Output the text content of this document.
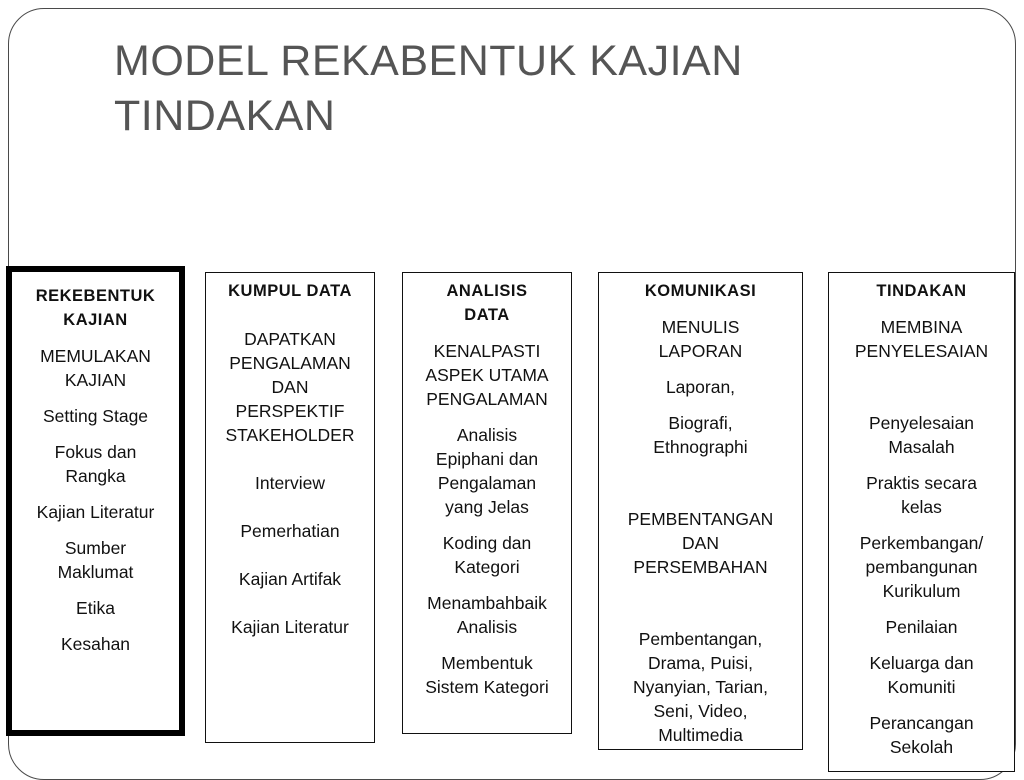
MODEL REKABENTUK KAJIAN
TINDAKAN

REKEBENTUK
KAJIAN

MEMULAKAN
KAJIAN

Setting Stage

Fokus dan
Rangka

Kajian Literatur

Sumber
Maklumat

Etika

Kesahan

KUMPUL DATA

DAPATKAN
PENGALAMAN
DAN
PERSPEKTIF
STAKEHOLDER

Interview

Pemerhatian

Kajian Artifak

Kajian Literatur

ANALISIS
DATA

KENALPASTI
ASPEK UTAMA
PENGALAMAN

Analisis
Epiphani dan
Pengalaman
yang Jelas

Koding dan
Kategori

Menambahbaik
Analisis

Membentuk
Sistem Kategori

KOMUNIKASI

MENULIS
LAPORAN

Laporan,

Biografi,
Ethnographi

PEMBENTANGAN
DAN
PERSEMBAHAN

Pembentangan,
Drama, Puisi,
Nyanyian, Tarian,
Seni, Video,
Multimedia

TINDAKAN

MEMBINA
PENYELESAIAN

Penyelesaian
Masalah

Praktis secara
kelas

Perkembangan/
pembangunan
Kurikulum

Penilaian

Keluarga dan
Komuniti

Perancangan
Sekolah
